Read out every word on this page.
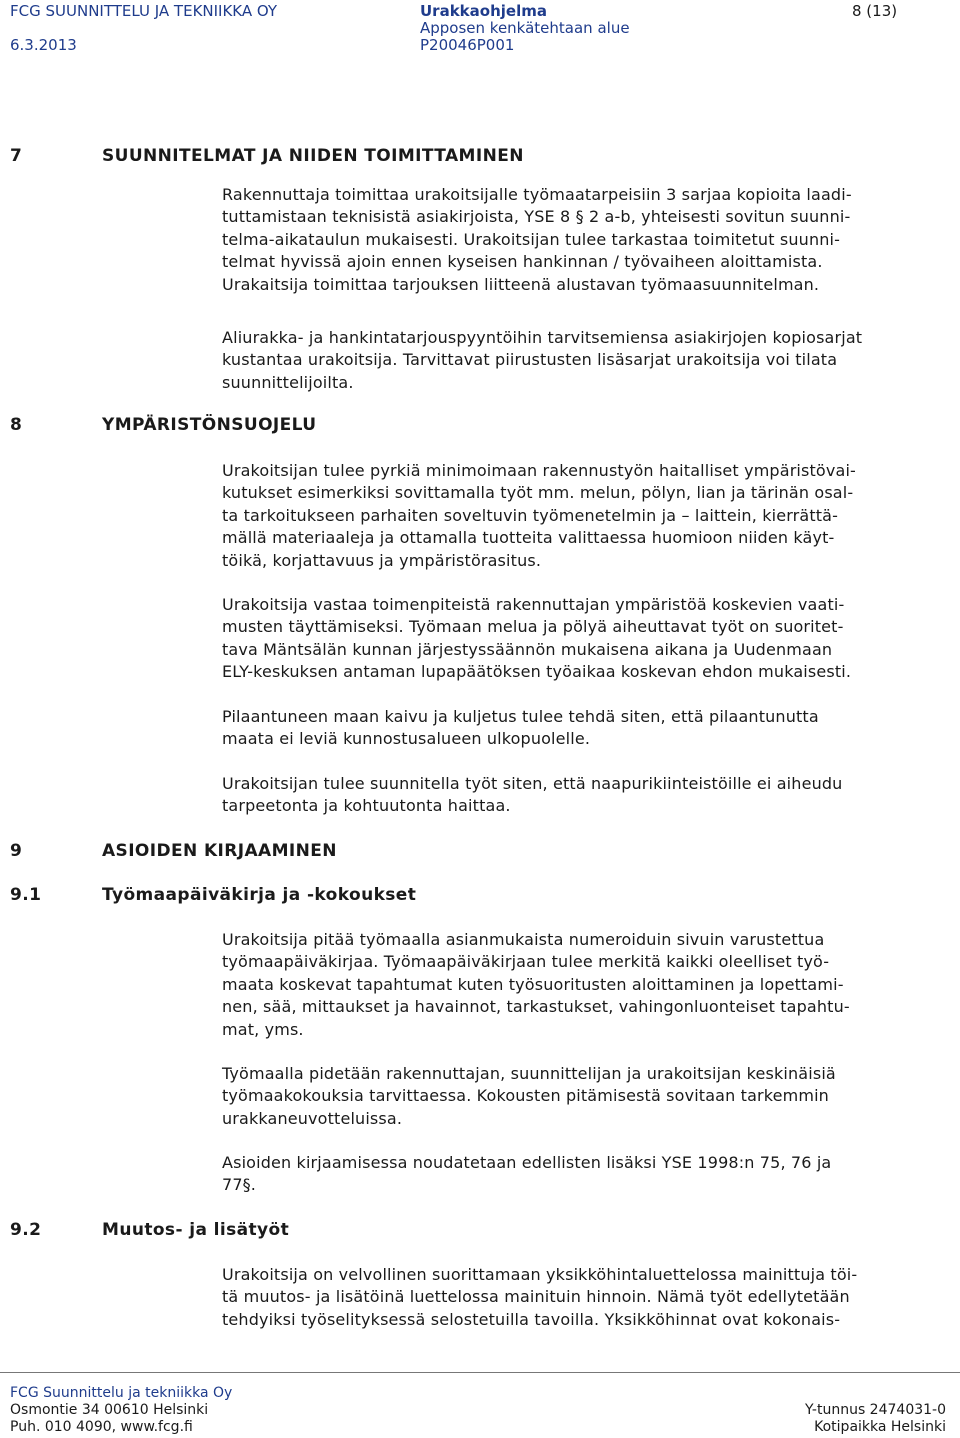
FCG SUUNNITTELU JA TEKNIIKKA OY
6.3.2013
Urakkaohjelma
Apposen kenkätehtaan alue
P20046P001
8 (13)
7	SUUNNITELMAT JA NIIDEN TOIMITTAMINEN

Rakennuttaja toimittaa urakoitsijalle työmaatarpeisiin 3 sarjaa kopioita laadi-
tuttamistaan teknisistä asiakirjoista, YSE 8 § 2 a-b, yhteisesti sovitun suunni-
telma-aikataulun mukaisesti. Urakoitsijan tulee tarkastaa toimitetut suunni-
telmat hyvissä ajoin ennen kyseisen hankinnan / työvaiheen aloittamista.
Urakaitsija toimittaa tarjouksen liitteenä alustavan työmaasuunnitelman.

Aliurakka- ja hankintatarjouspyyntöihin tarvitsemiensa asiakirjojen kopiosarjat
kustantaa urakoitsija. Tarvittavat piirustusten lisäsarjat urakoitsija voi tilata
suunnittelijoilta.

8	YMPÄRISTÖNSUOJELU

Urakoitsijan tulee pyrkiä minimoimaan rakennustyön haitalliset ympäristövai-
kutukset esimerkiksi sovittamalla työt mm. melun, pölyn, lian ja tärinän osal-
ta tarkoitukseen parhaiten soveltuvin työmenetelmin ja – laittein, kierrättä-
mällä materiaaleja ja ottamalla tuotteita valittaessa huomioon niiden käyt-
töikä, korjattavuus ja ympäristörasitus.

Urakoitsija vastaa toimenpiteistä rakennuttajan ympäristöä koskevien vaati-
musten täyttämiseksi. Työmaan melua ja pölyä aiheuttavat työt on suoritet-
tava Mäntsälän kunnan järjestyssäännön mukaisena aikana ja Uudenmaan
ELY-keskuksen antaman lupapäätöksen työaikaa koskevan ehdon mukaisesti.

Pilaantuneen maan kaivu ja kuljetus tulee tehdä siten, että pilaantunutta
maata ei leviä kunnostusalueen ulkopuolelle.

Urakoitsijan tulee suunnitella työt siten, että naapurikiinteistöille ei aiheudu
tarpeetonta ja kohtuutonta haittaa.

9	ASIOIDEN KIRJAAMINEN
9.1	Työmaapäiväkirja ja -kokoukset

Urakoitsija pitää työmaalla asianmukaista numeroiduin sivuin varustettua
työmaapäiväkirjaa. Työmaapäiväkirjaan tulee merkitä kaikki oleelliset työ-
maata koskevat tapahtumat kuten työsuoritusten aloittaminen ja lopettami-
nen, sää, mittaukset ja havainnot, tarkastukset, vahingonluonteiset tapahtu-
mat, yms.

Työmaalla pidetään rakennuttajan, suunnittelijan ja urakoitsijan keskinäisiä
työmaakokouksia tarvittaessa. Kokousten pitämisestä sovitaan tarkemmin
urakkaneuvotteluissa.

Asioiden kirjaamisessa noudatetaan edellisten lisäksi YSE 1998:n 75, 76 ja
77§.

9.2	Muutos- ja lisätyöt

Urakoitsija on velvollinen suorittamaan yksikköhintaluettelossa mainittuja töi-
tä muutos- ja lisätöinä luettelossa mainituin hinnoin. Nämä työt edellytetään
tehdyiksi työselityksessä selostetuilla tavoilla. Yksikköhinnat ovat kokonais-

FCG Suunnittelu ja tekniikka Oy
Osmontie 34 00610 Helsinki
Puh. 010 4090, www.fcg.fi
Y-tunnus 2474031-0
Kotipaikka Helsinki
